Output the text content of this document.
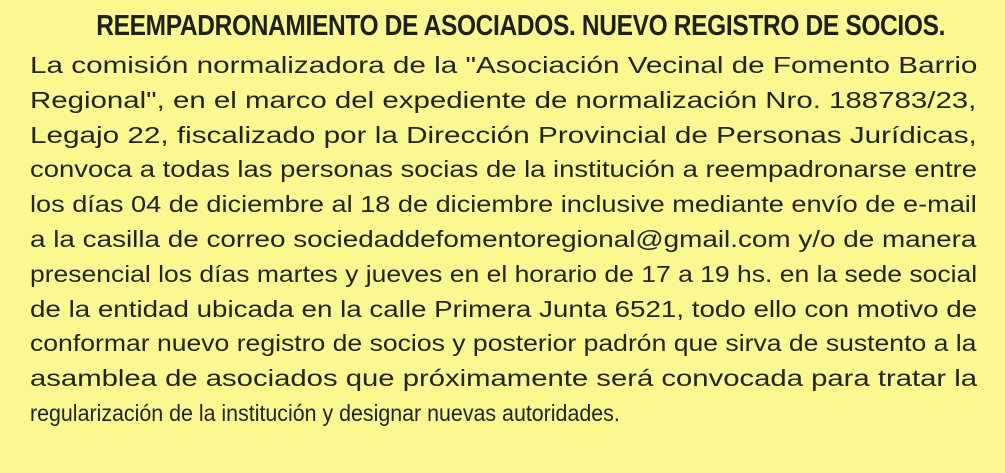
REEMPADRONAMIENTO DE ASOCIADOS. NUEVO REGISTRO DE SOCIOS.
La comisión normalizadora de la "Asociación Vecinal de Fomento Barrio
Regional", en el marco del expediente de normalización Nro. 188783/23,
Legajo 22, fiscalizado por la Dirección Provincial de Personas Jurídicas,
convoca a todas las personas socias de la institución a reempadronarse entre
los días 04 de diciembre al 18 de diciembre inclusive mediante envío de e-mail
a la casilla de correo sociedaddefomentoregional@gmail.com y/o de manera
presencial los días martes y jueves en el horario de 17 a 19 hs. en la sede social
de la entidad ubicada en la calle Primera Junta 6521, todo ello con motivo de
conformar nuevo registro de socios y posterior padrón que sirva de sustento a la
asamblea de asociados que próximamente será convocada para tratar la
regularización de la institución y designar nuevas autoridades.
